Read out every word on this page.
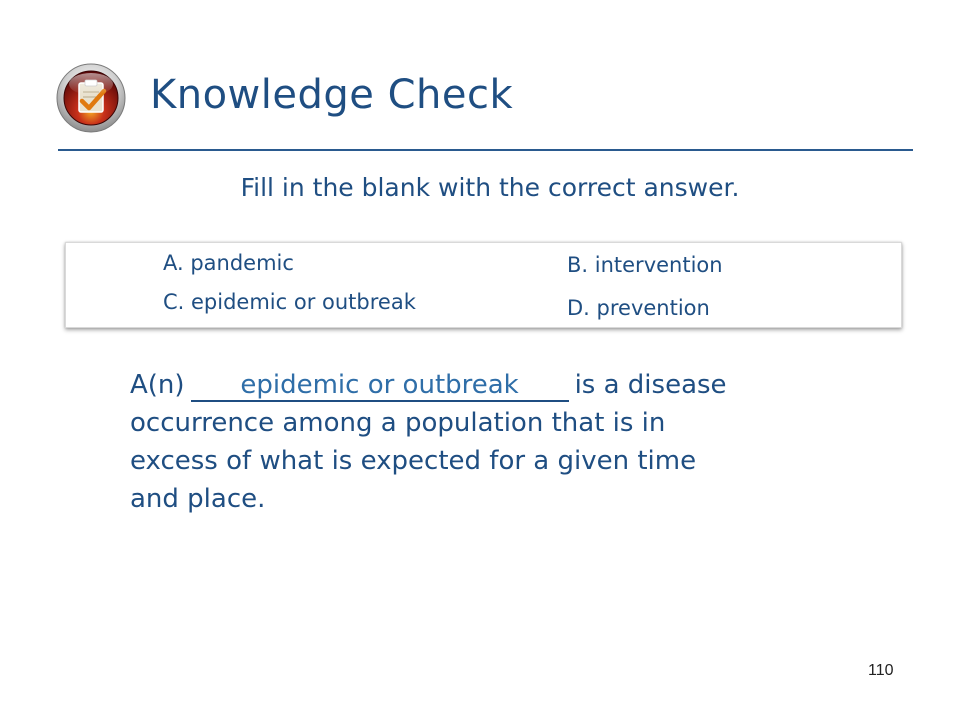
Knowledge Check
Fill in the blank with the correct answer.
A. pandemic	B. intervention
C. epidemic or outbreak	D. prevention
A(n) epidemic or outbreak is a disease
occurrence among a population that is in
excess of what is expected for a given time
and place.
110
